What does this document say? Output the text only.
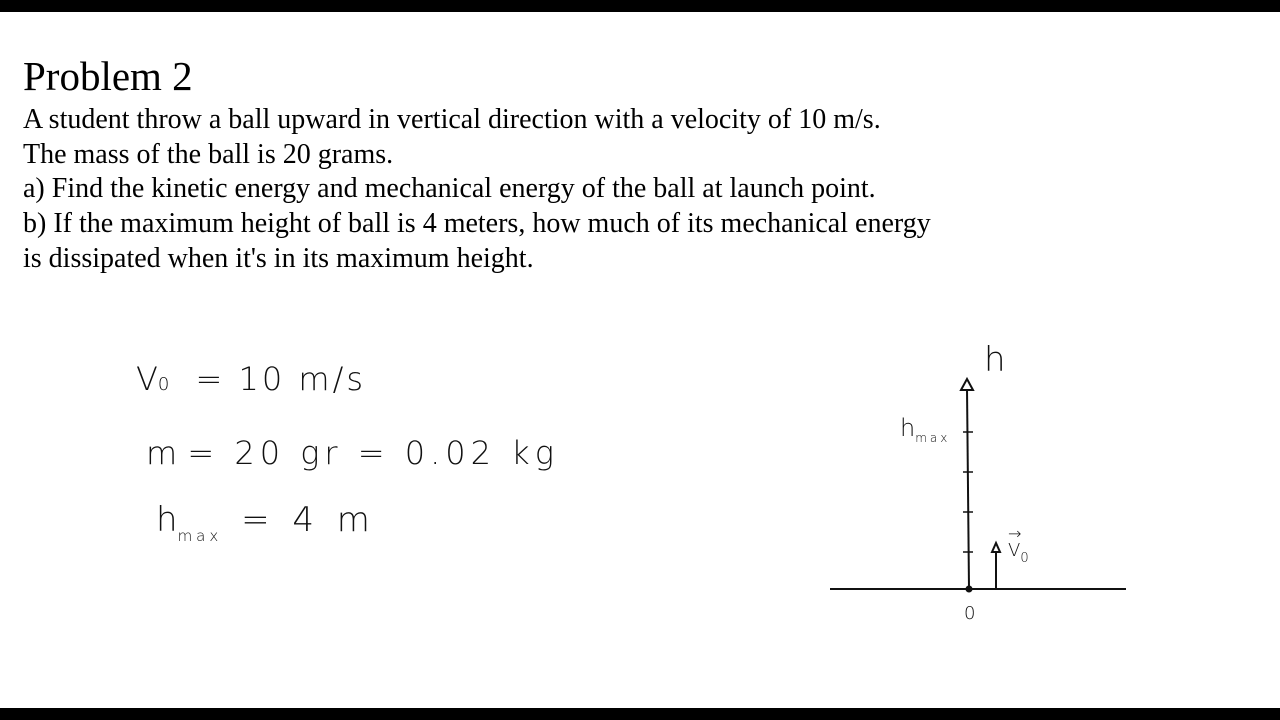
Problem 2
A student throw a ball upward in vertical direction with a velocity of 10 m/s.
The mass of the ball is 20 grams.
a) Find the kinetic energy and mechanical energy of the ball at launch point.
b) If the maximum height of ball is 4 meters, how much of its mechanical energy
is dissipated when it's in its maximum height.
V0 = 10 m/s
m = 20 gr = 0.02 kg
$h_{max} = 4$ m
h
$h_{max}$
0
→
$V_0$
